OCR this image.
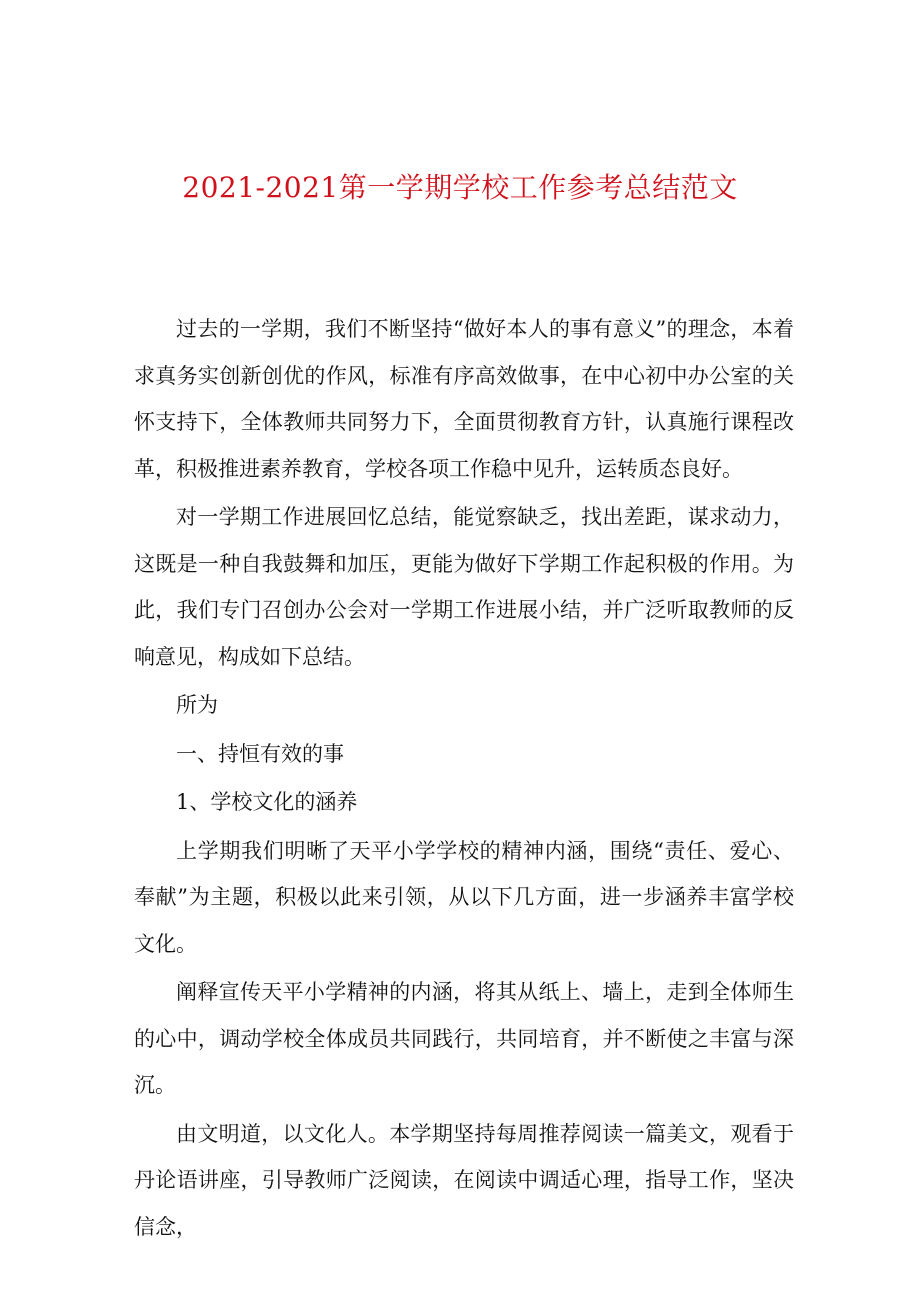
2021-2021第一学期学校工作参考总结范文

过去的一学期，我们不断坚持“做好本人的事有意义”的理念，本着求真务实创新创优的作风，标准有序高效做事，在中心初中办公室的关怀支持下，全体教师共同努力下，全面贯彻教育方针，认真施行课程改革，积极推进素养教育，学校各项工作稳中见升，运转质态良好。

对一学期工作进展回忆总结，能觉察缺乏，找出差距，谋求动力，这既是一种自我鼓舞和加压，更能为做好下学期工作起积极的作用。为此，我们专门召创办公会对一学期工作进展小结，并广泛听取教师的反响意见，构成如下总结。

所为

一、持恒有效的事

1、学校文化的涵养

上学期我们明晰了天平小学学校的精神内涵，围绕“责任、爱心、奉献”为主题，积极以此来引领，从以下几方面，进一步涵养丰富学校文化。

阐释宣传天平小学精神的内涵，将其从纸上、墙上，走到全体师生的心中，调动学校全体成员共同践行，共同培育，并不断使之丰富与深沉。

由文明道，以文化人。本学期坚持每周推荐阅读一篇美文，观看于丹论语讲座，引导教师广泛阅读，在阅读中调适心理，指导工作，坚决信念，
